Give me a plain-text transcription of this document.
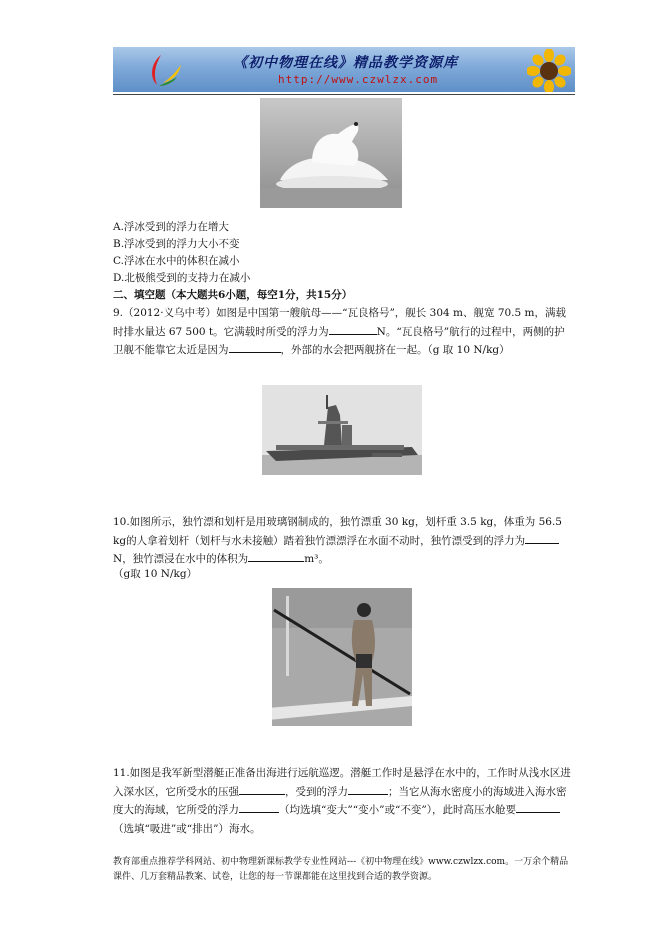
《初中物理在线》精品教学资源库
http://www.czwlzx.com
A.浮冰受到的浮力在增大
B.浮冰受到的浮力大小不变
C.浮冰在水中的体积在减小
D.北极熊受到的支持力在减小
二、填空题（本大题共6小题，每空1分，共15分）
9.（2012·义乌中考）如图是中国第一艘航母——“瓦良格号”，舰长 304 m、舰宽 70.5 m，满载时排水量达 67 500 t。它满载时所受的浮力为	N。“瓦良格号”航行的过程中，两侧的护卫舰不能靠它太近是因为	，外部的水会把两舰挤在一起。（g 取 10 N/kg）
10.如图所示，独竹漂和划杆是用玻璃钢制成的，独竹漂重 30 kg，划杆重 3.5 kg，体重为 56.5 kg的人拿着划杆（划杆与水未接触）踏着独竹漂漂浮在水面不动时，独竹漂受到的浮力为N，独竹漂浸在水中的体积为	m³。
（g取 10 N/kg）
11.如图是我军新型潜艇正准备出海进行远航巡逻。潜艇工作时是悬浮在水中的，工作时从浅水区进入深水区，它所受水的压强	，受到的浮力	；当它从海水密度小的海域进入海水密度大的海域，它所受的浮力	（均选填“变大”“变小”或“不变”），此时高压水舱要（选填“吸进”或“排出”）海水。
教育部重点推荐学科网站、初中物理新课标教学专业性网站---《初中物理在线》www.czwlzx.com。一万余个精品课件、几万套精品教案、试卷，让您的每一节课都能在这里找到合适的教学资源。
